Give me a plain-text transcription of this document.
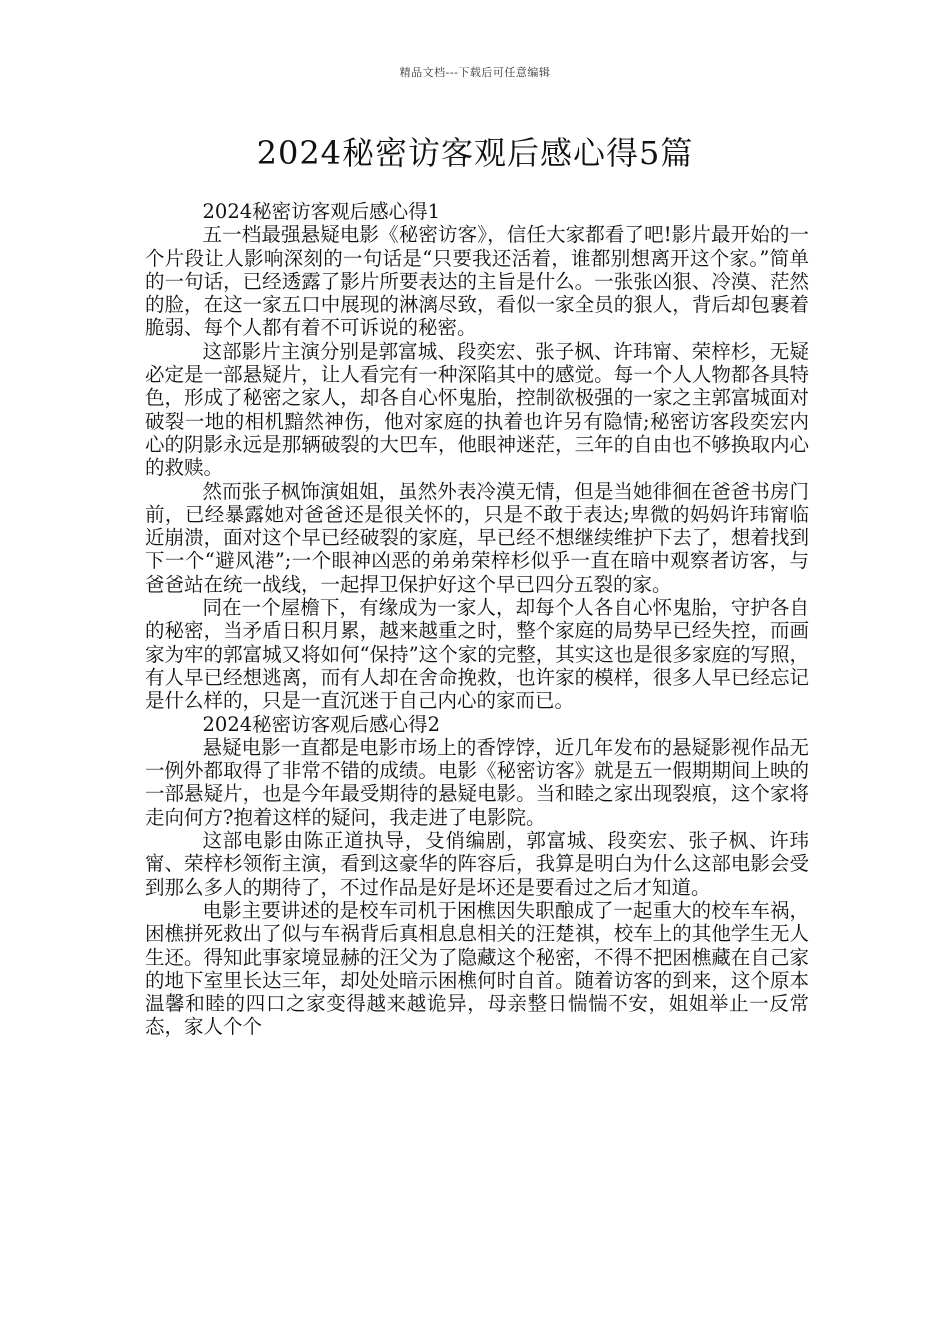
精品文档---下载后可任意编辑
2024秘密访客观后感心得5篇

2024秘密访客观后感心得1

五一档最强悬疑电影《秘密访客》，信任大家都看了吧!影片最开始的一个片段让人影响深刻的一句话是“只要我还活着，谁都别想离开这个家。”简单的一句话，已经透露了影片所要表达的主旨是什么。一张张凶狠、冷漠、茫然的脸，在这一家五口中展现的淋漓尽致，看似一家全员的狠人，背后却包裹着脆弱、每个人都有着不可诉说的秘密。

这部影片主演分别是郭富城、段奕宏、张子枫、许玮甯、荣梓杉，无疑必定是一部悬疑片，让人看完有一种深陷其中的感觉。每一个人人物都各具特色，形成了秘密之家人，却各自心怀鬼胎，控制欲极强的一家之主郭富城面对破裂一地的相机黯然神伤，他对家庭的执着也许另有隐情;秘密访客段奕宏内心的阴影永远是那辆破裂的大巴车，他眼神迷茫，三年的自由也不够换取内心的救赎。

然而张子枫饰演姐姐，虽然外表冷漠无情，但是当她徘徊在爸爸书房门前，已经暴露她对爸爸还是很关怀的，只是不敢于表达;卑微的妈妈许玮甯临近崩溃，面对这个早已经破裂的家庭，早已经不想继续维护下去了，想着找到下一个“避风港”;一个眼神凶恶的弟弟荣梓杉似乎一直在暗中观察者访客，与爸爸站在统一战线，一起捍卫保护好这个早已四分五裂的家。

同在一个屋檐下，有缘成为一家人，却每个人各自心怀鬼胎，守护各自的秘密，当矛盾日积月累，越来越重之时，整个家庭的局势早已经失控，而画家为牢的郭富城又将如何“保持”这个家的完整，其实这也是很多家庭的写照，有人早已经想逃离，而有人却在舍命挽救，也许家的模样，很多人早已经忘记是什么样的，只是一直沉迷于自己内心的家而已。

2024秘密访客观后感心得2

悬疑电影一直都是电影市场上的香饽饽，近几年发布的悬疑影视作品无一例外都取得了非常不错的成绩。电影《秘密访客》就是五一假期期间上映的一部悬疑片，也是今年最受期待的悬疑电影。当和睦之家出现裂痕，这个家将走向何方?抱着这样的疑问，我走进了电影院。

这部电影由陈正道执导，殳俏编剧，郭富城、段奕宏、张子枫、许玮甯、荣梓杉领衔主演，看到这豪华的阵容后，我算是明白为什么这部电影会受到那么多人的期待了，不过作品是好是坏还是要看过之后才知道。

电影主要讲述的是校车司机于困樵因失职酿成了一起重大的校车车祸，困樵拼死救出了似与车祸背后真相息息相关的汪楚祺，校车上的其他学生无人生还。得知此事家境显赫的汪父为了隐藏这个秘密，不得不把困樵藏在自己家的地下室里长达三年，却处处暗示困樵何时自首。随着访客的到来，这个原本温馨和睦的四口之家变得越来越诡异，母亲整日惴惴不安，姐姐举止一反常态，家人个个
